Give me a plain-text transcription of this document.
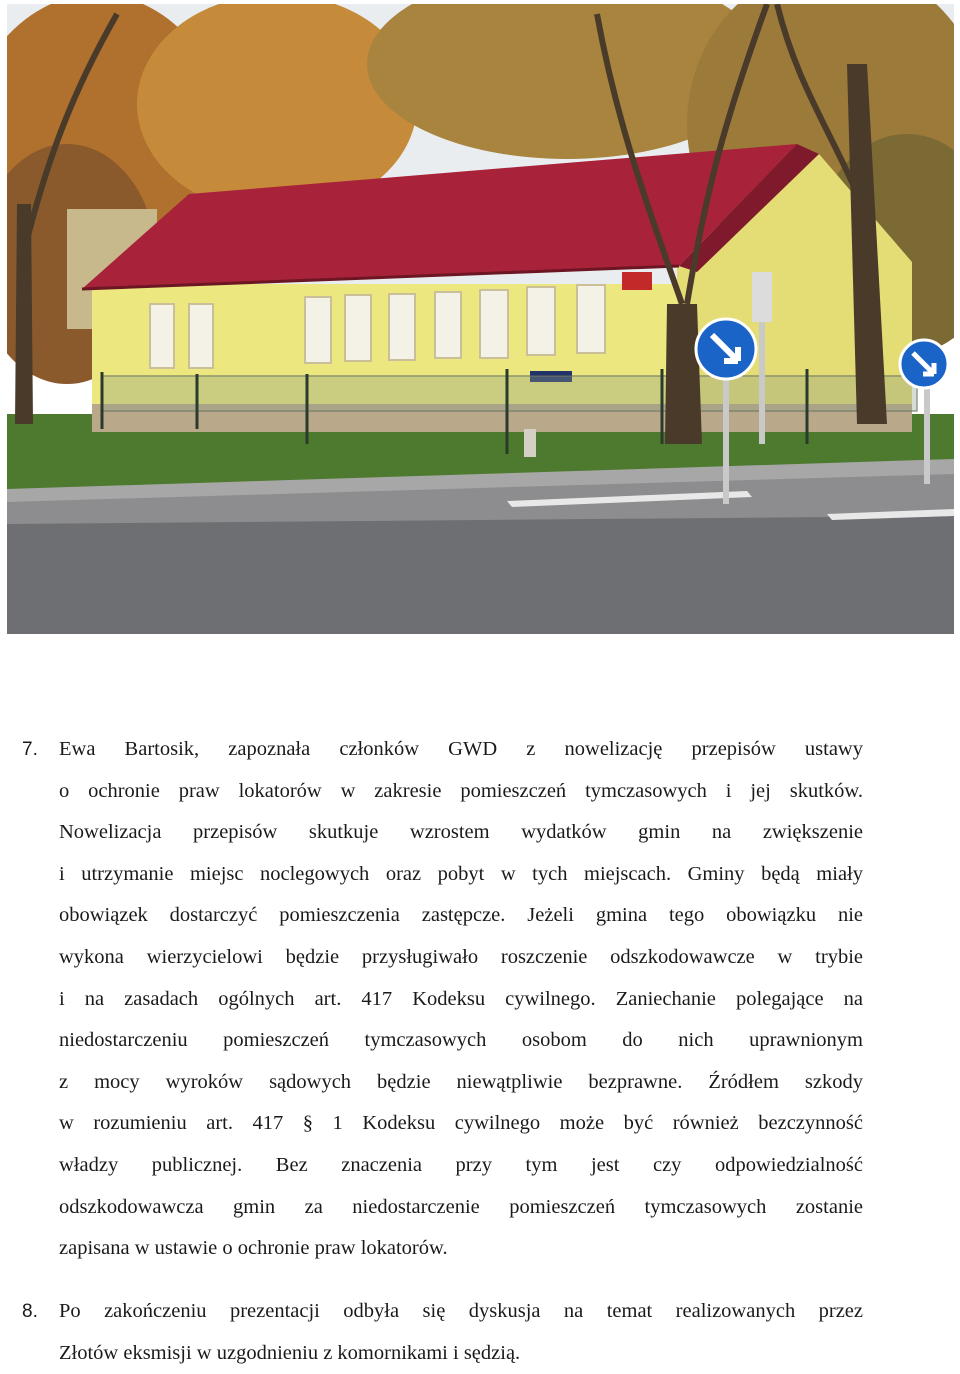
7. Ewa Bartosik, zapoznała członków GWD z nowelizację przepisów ustawy
o ochronie praw lokatorów w zakresie pomieszczeń tymczasowych i jej skutków.
Nowelizacja przepisów skutkuje wzrostem wydatków gmin na zwiększenie
i utrzymanie miejsc noclegowych oraz pobyt w tych miejscach. Gminy będą miały
obowiązek dostarczyć pomieszczenia zastępcze. Jeżeli gmina tego obowiązku nie
wykona wierzycielowi będzie przysługiwało roszczenie odszkodowawcze w trybie
i na zasadach ogólnych art. 417 Kodeksu cywilnego. Zaniechanie polegające na
niedostarczeniu pomieszczeń tymczasowych osobom do nich uprawnionym
z mocy wyroków sądowych będzie niewątpliwie bezprawne. Źródłem szkody
w rozumieniu art. 417 § 1 Kodeksu cywilnego może być również bezczynność
władzy publicznej. Bez znaczenia przy tym jest czy odpowiedzialność
odszkodowawcza gmin za niedostarczenie pomieszczeń tymczasowych zostanie
zapisana w ustawie o ochronie praw lokatorów.
8. Po zakończeniu prezentacji odbyła się dyskusja na temat realizowanych przez
Złotów eksmisji w uzgodnieniu z komornikami i sędzią.
